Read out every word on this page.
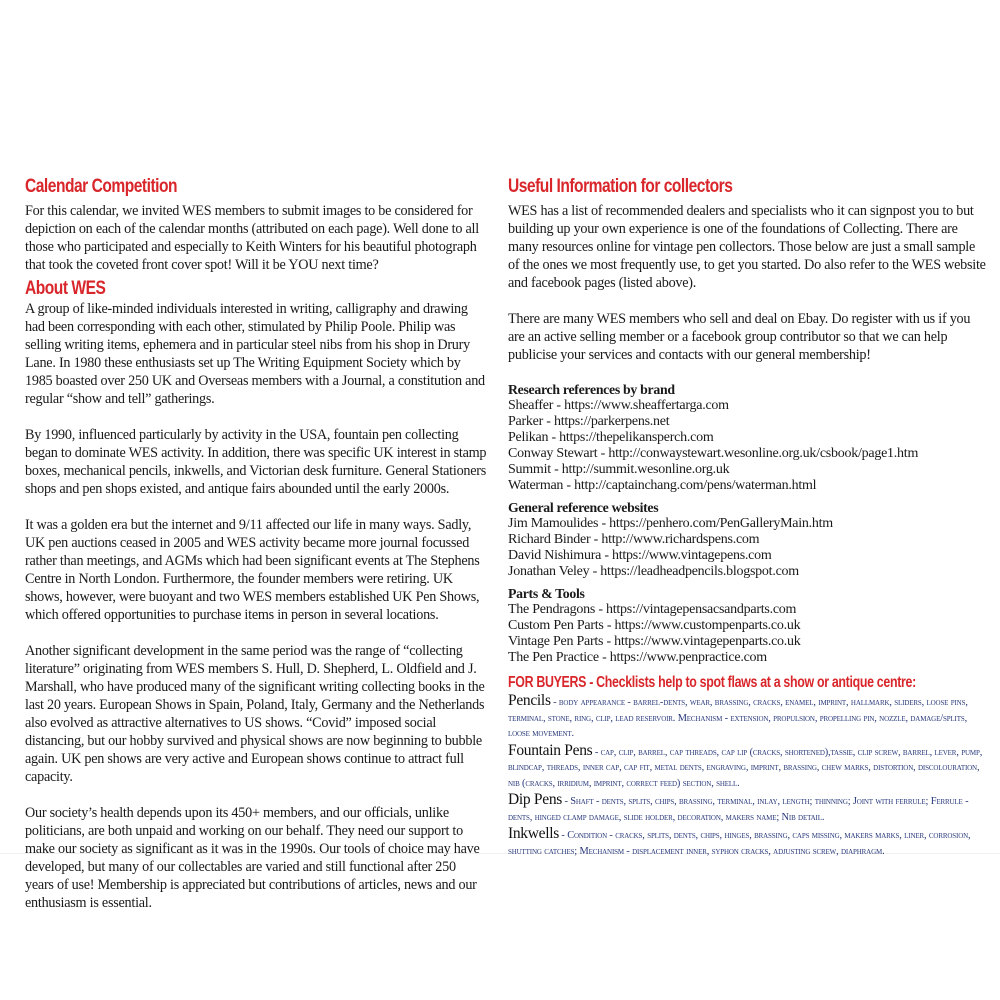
Calendar Competition

For this calendar, we invited WES members to submit images to be considered for depiction on each of the calendar months (attributed on each page). Well done to all those who participated and especially to Keith Winters for his beautiful photograph that took the coveted front cover spot! Will it be YOU next time?

About WES

A group of like-minded individuals interested in writing, calligraphy and drawing had been corresponding with each other, stimulated by Philip Poole. Philip was selling writing items, ephemera and in particular steel nibs from his shop in Drury Lane. In 1980 these enthusiasts set up The Writing Equipment Society which by 1985 boasted over 250 UK and Overseas members with a Journal, a constitution and regular “show and tell” gatherings.

By 1990, influenced particularly by activity in the USA, fountain pen collecting began to dominate WES activity. In addition, there was specific UK interest in stamp boxes, mechanical pencils, inkwells, and Victorian desk furniture. General Stationers shops and pen shops existed, and antique fairs abounded until the early 2000s.

It was a golden era but the internet and 9/11 affected our life in many ways. Sadly, UK pen auctions ceased in 2005 and WES activity became more journal focussed rather than meetings, and AGMs which had been significant events at The Stephens Centre in North London. Furthermore, the founder members were retiring. UK shows, however, were buoyant and two WES members established UK Pen Shows, which offered opportunities to purchase items in person in several locations.

Another significant development in the same period was the range of “collecting literature” originating from WES members S. Hull, D. Shepherd, L. Oldfield and J. Marshall, who have produced many of the significant writing collecting books in the last 20 years. European Shows in Spain, Poland, Italy, Germany and the Netherlands also evolved as attractive alternatives to US shows. “Covid” imposed social distancing, but our hobby survived and physical shows are now beginning to bubble again. UK pen shows are very active and European shows continue to attract full capacity.

Our society’s health depends upon its 450+ members, and our officials, unlike politicians, are both unpaid and working on our behalf. They need our support to make our society as significant as it was in the 1990s. Our tools of choice may have developed, but many of our collectables are varied and still functional after 250 years of use! Membership is appreciated but contributions of articles, news and our enthusiasm is essential.

Useful Information for collectors

WES has a list of recommended dealers and specialists who it can signpost you to but building up your own experience is one of the foundations of Collecting. There are many resources online for vintage pen collectors. Those below are just a small sample of the ones we most frequently use, to get you started. Do also refer to the WES website and facebook pages (listed above).

There are many WES members who sell and deal on Ebay. Do register with us if you are an active selling member or a facebook group contributor so that we can help publicise your services and contacts with our general membership!

Research references by brand
Sheaffer - https://www.sheaffertarga.com
Parker - https://parkerpens.net
Pelikan - https://thepelikansperch.com
Conway Stewart - http://conwaystewart.wesonline.org.uk/csbook/page1.htm
Summit - http://summit.wesonline.org.uk
Waterman - http://captainchang.com/pens/waterman.html
General reference websites
Jim Mamoulides - https://penhero.com/PenGalleryMain.htm
Richard Binder - http://www.richardspens.com
David Nishimura - https://www.vintagepens.com
Jonathan Veley - https://leadheadpencils.blogspot.com
Parts & Tools
The Pendragons - https://vintagepensacsandparts.com
Custom Pen Parts - https://www.custompenparts.co.uk
Vintage Pen Parts - https://www.vintagepenparts.co.uk
The Pen Practice - https://www.penpractice.com
FOR BUYERS - Checklists help to spot flaws at a show or antique centre:
Pencils - body appearance - barrel-dents, wear, brassing, cracks, enamel, imprint, hallmark, sliders, loose pins, terminal, stone, ring, clip, lead reservoir. Mechanism - extension, propulsion, propelling pin, nozzle, damage/splits, loose movement.
Fountain Pens - cap, clip, barrel, cap threads, cap lip (cracks, shortened),tassie, clip screw, barrel, lever, pump, blindcap, threads, inner cap, cap fit, metal dents, engraving, imprint, brassing, chew marks, distortion, discolouration, nib (cracks, irridium, imprint, correct feed) section, shell.
Dip Pens - Shaft - dents, splits, chips, brassing, terminal, inlay, length; thinning; Joint with ferrule; Ferrule -dents, hinged clamp damage, slide holder, decoration, makers name; Nib detail.
Inkwells - Condition - cracks, splits, dents, chips, hinges, brassing, caps missing, makers marks, liner, corrosion, shutting catches; Mechanism - displacement inner, syphon cracks, adjusting screw, diaphragm.
